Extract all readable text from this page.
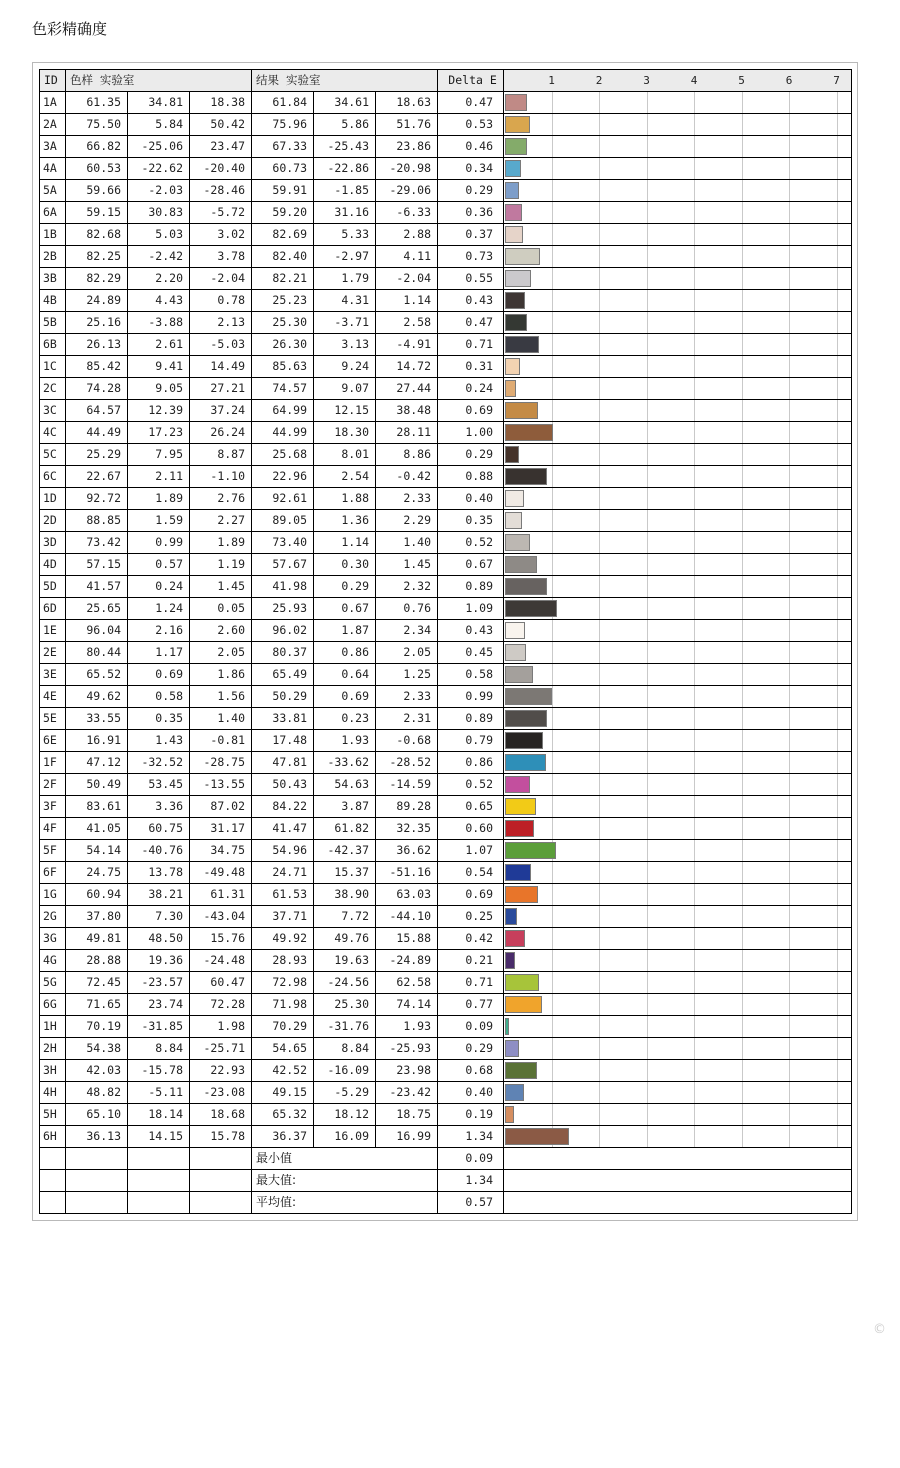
色彩精确度
ID	色样 实验室	结果 实验室	Delta E	1	2	3	4	5	6	7

1A	61.35	34.81	18.38	61.84	34.61	18.63	0.47	

2A	75.50	5.84	50.42	75.96	5.86	51.76	0.53	

3A	66.82	-25.06	23.47	67.33	-25.43	23.86	0.46	

4A	60.53	-22.62	-20.40	60.73	-22.86	-20.98	0.34	

5A	59.66	-2.03	-28.46	59.91	-1.85	-29.06	0.29	

6A	59.15	30.83	-5.72	59.20	31.16	-6.33	0.36	

1B	82.68	5.03	3.02	82.69	5.33	2.88	0.37	

2B	82.25	-2.42	3.78	82.40	-2.97	4.11	0.73	

3B	82.29	2.20	-2.04	82.21	1.79	-2.04	0.55	

4B	24.89	4.43	0.78	25.23	4.31	1.14	0.43	

5B	25.16	-3.88	2.13	25.30	-3.71	2.58	0.47	

6B	26.13	2.61	-5.03	26.30	3.13	-4.91	0.71	

1C	85.42	9.41	14.49	85.63	9.24	14.72	0.31	

2C	74.28	9.05	27.21	74.57	9.07	27.44	0.24	

3C	64.57	12.39	37.24	64.99	12.15	38.48	0.69	

4C	44.49	17.23	26.24	44.99	18.30	28.11	1.00	

5C	25.29	7.95	8.87	25.68	8.01	8.86	0.29	

6C	22.67	2.11	-1.10	22.96	2.54	-0.42	0.88	

1D	92.72	1.89	2.76	92.61	1.88	2.33	0.40	

2D	88.85	1.59	2.27	89.05	1.36	2.29	0.35	

3D	73.42	0.99	1.89	73.40	1.14	1.40	0.52	

4D	57.15	0.57	1.19	57.67	0.30	1.45	0.67	

5D	41.57	0.24	1.45	41.98	0.29	2.32	0.89	

6D	25.65	1.24	0.05	25.93	0.67	0.76	1.09	

1E	96.04	2.16	2.60	96.02	1.87	2.34	0.43	

2E	80.44	1.17	2.05	80.37	0.86	2.05	0.45	

3E	65.52	0.69	1.86	65.49	0.64	1.25	0.58	

4E	49.62	0.58	1.56	50.29	0.69	2.33	0.99	

5E	33.55	0.35	1.40	33.81	0.23	2.31	0.89	

6E	16.91	1.43	-0.81	17.48	1.93	-0.68	0.79	

1F	47.12	-32.52	-28.75	47.81	-33.62	-28.52	0.86	

2F	50.49	53.45	-13.55	50.43	54.63	-14.59	0.52	

3F	83.61	3.36	87.02	84.22	3.87	89.28	0.65	

4F	41.05	60.75	31.17	41.47	61.82	32.35	0.60	

5F	54.14	-40.76	34.75	54.96	-42.37	36.62	1.07	

6F	24.75	13.78	-49.48	24.71	15.37	-51.16	0.54	

1G	60.94	38.21	61.31	61.53	38.90	63.03	0.69	

2G	37.80	7.30	-43.04	37.71	7.72	-44.10	0.25	

3G	49.81	48.50	15.76	49.92	49.76	15.88	0.42	

4G	28.88	19.36	-24.48	28.93	19.63	-24.89	0.21	

5G	72.45	-23.57	60.47	72.98	-24.56	62.58	0.71	

6G	71.65	23.74	72.28	71.98	25.30	74.14	0.77	

1H	70.19	-31.85	1.98	70.29	-31.76	1.93	0.09	

2H	54.38	8.84	-25.71	54.65	8.84	-25.93	0.29	

3H	42.03	-15.78	22.93	42.52	-16.09	23.98	0.68	

4H	48.82	-5.11	-23.08	49.15	-5.29	-23.42	0.40	

5H	65.10	18.14	18.68	65.32	18.12	18.75	0.19	

6H	36.13	14.15	15.78	36.37	16.09	16.99	1.34	

				最小值			0.09	
				最大值:			1.34	
				平均值:			0.57	
©
